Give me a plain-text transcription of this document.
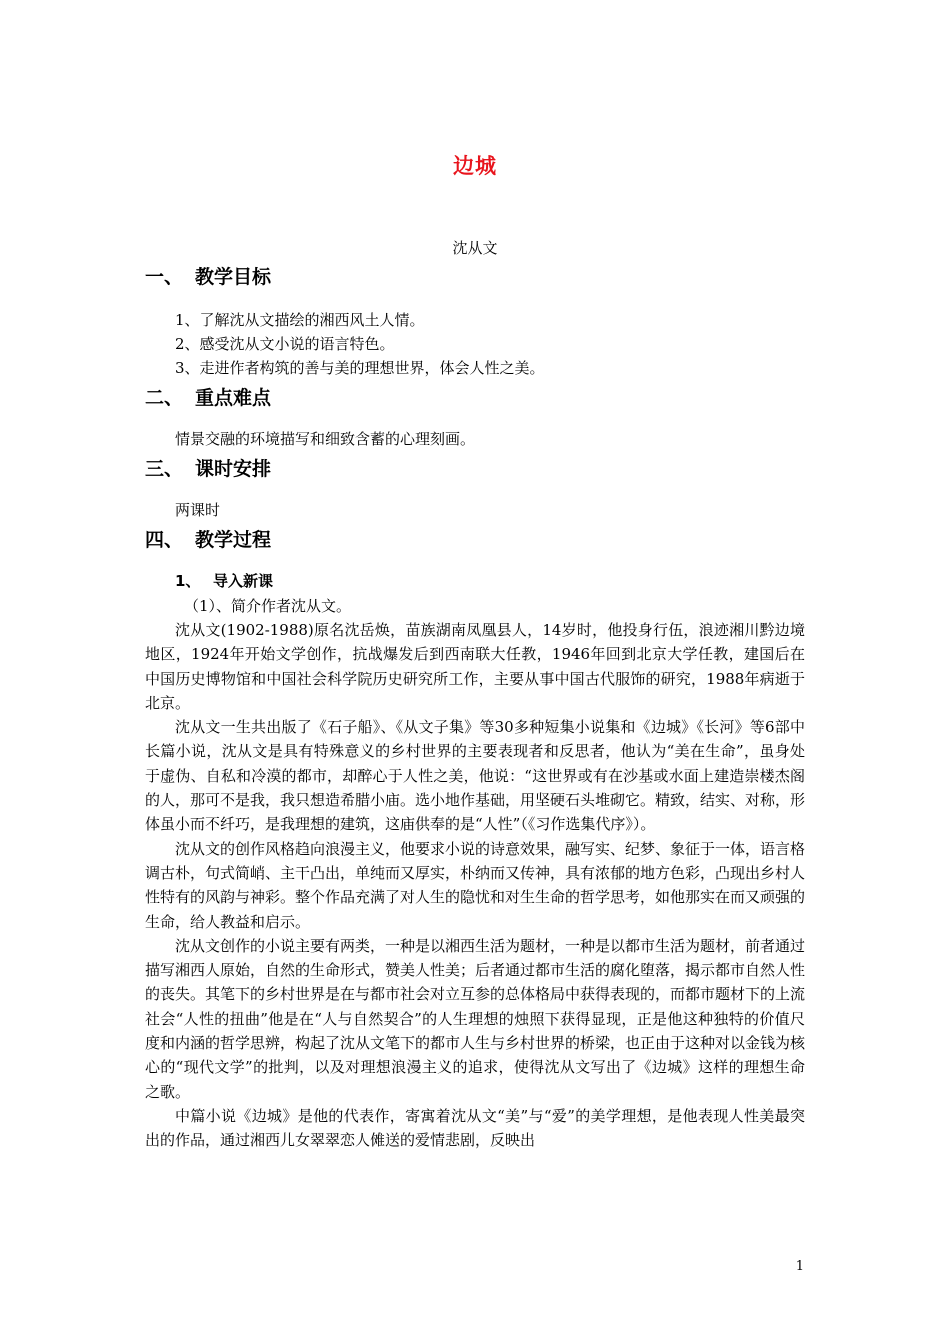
边城
沈从文
一、 教学目标
1、了解沈从文描绘的湘西风土人情。
2、感受沈从文小说的语言特色。
3、走进作者构筑的善与美的理想世界，体会人性之美。
二、 重点难点
情景交融的环境描写和细致含蓄的心理刻画。
三、 课时安排
两课时
四、 教学过程
1、 导入新课
（1）、简介作者沈从文。

沈从文(1902-1988)原名沈岳焕，苗族湖南凤凰县人，14岁时，他投身行伍，浪迹湘川黔边境地区，1924年开始文学创作，抗战爆发后到西南联大任教，1946年回到北京大学任教，建国后在中国历史博物馆和中国社会科学院历史研究所工作，主要从事中国古代服饰的研究，1988年病逝于北京。

沈从文一生共出版了《石子船》、《从文子集》等30多种短集小说集和《边城》《长河》等6部中长篇小说，沈从文是具有特殊意义的乡村世界的主要表现者和反思者，他认为“美在生命”，虽身处于虚伪、自私和冷漠的都市，却醉心于人性之美，他说：“这世界或有在沙基或水面上建造崇楼杰阁的人，那可不是我，我只想造希腊小庙。选小地作基础，用坚硬石头堆砌它。精致，结实、对称，形体虽小而不纤巧，是我理想的建筑，这庙供奉的是“人性”（《习作选集代序》）。

沈从文的创作风格趋向浪漫主义，他要求小说的诗意效果，融写实、纪梦、象征于一体，语言格调古朴，句式简峭、主干凸出，单纯而又厚实，朴纳而又传神，具有浓郁的地方色彩，凸现出乡村人性特有的风韵与神彩。整个作品充满了对人生的隐忧和对生生命的哲学思考，如他那实在而又顽强的生命，给人教益和启示。

沈从文创作的小说主要有两类，一种是以湘西生活为题材，一种是以都市生活为题材，前者通过描写湘西人原始，自然的生命形式，赞美人性美；后者通过都市生活的腐化堕落，揭示都市自然人性的丧失。其笔下的乡村世界是在与都市社会对立互参的总体格局中获得表现的，而都市题材下的上流社会“人性的扭曲”他是在“人与自然契合”的人生理想的烛照下获得显现，正是他这种独特的价值尺度和内涵的哲学思辨，构起了沈从文笔下的都市人生与乡村世界的桥梁，也正由于这种对以金钱为核心的“现代文学”的批判，以及对理想浪漫主义的追求，使得沈从文写出了《边城》这样的理想生命之歌。

中篇小说《边城》是他的代表作，寄寓着沈从文“美”与“爱”的美学理想，是他表现人性美最突出的作品，通过湘西儿女翠翠恋人傩送的爱情悲剧，反映出

1
